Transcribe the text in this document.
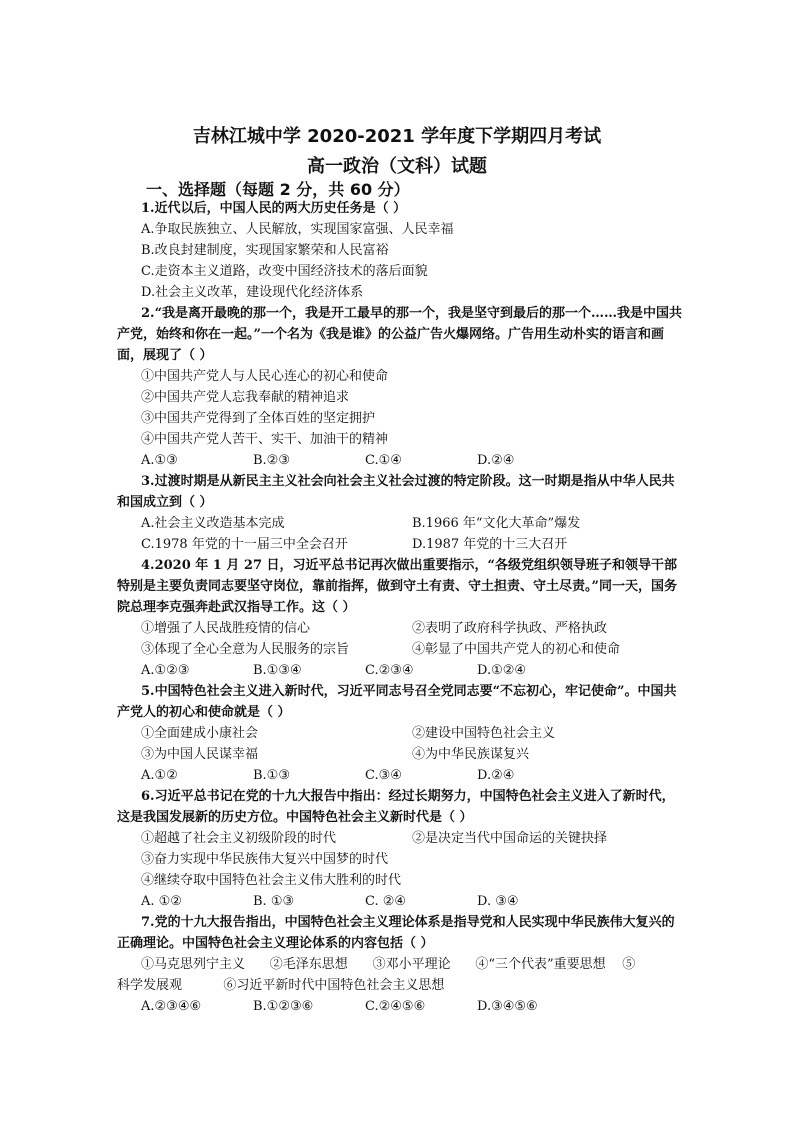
吉林江城中学 2020-2021 学年度下学期四月考试
高一政治（文科）试题
一、选择题（每题 2 分，共 60 分）
1.近代以后，中国人民的两大历史任务是（ ）
A.争取民族独立、人民解放，实现国家富强、人民幸福
B.改良封建制度，实现国家繁荣和人民富裕
C.走资本主义道路，改变中国经济技术的落后面貌
D.社会主义改革，建设现代化经济体系
2.“我是离开最晚的那一个，我是开工最早的那一个，我是坚守到最后的那一个……我是中国共产党，始终和你在一起。”一个名为《我是谁》的公益广告火爆网络。广告用生动朴实的语言和画面，展现了（ ）
①中国共产党人与人民心连心的初心和使命
②中国共产党人忘我奉献的精神追求
③中国共产党得到了全体百姓的坚定拥护
④中国共产党人苦干、实干、加油干的精神
A.①③	B.②③	C.①④	D.②④
3.过渡时期是从新民主主义社会向社会主义社会过渡的特定阶段。这一时期是指从中华人民共和国成立到（ ）
A.社会主义改造基本完成	B.1966 年“文化大革命”爆发
C.1978 年党的十一届三中全会召开	D.1987 年党的十三大召开
4.2020 年 1 月 27 日，习近平总书记再次做出重要指示，“各级党组织领导班子和领导干部特别是主要负责同志要坚守岗位，靠前指挥，做到守土有责、守土担责、守土尽责。”同一天，国务院总理李克强奔赴武汉指导工作。这（ ）
①增强了人民战胜疫情的信心	②表明了政府科学执政、严格执政
③体现了全心全意为人民服务的宗旨	④彰显了中国共产党人的初心和使命
A.①②③	B.①③④	C.②③④	D.①②④
5.中国特色社会主义进入新时代，习近平同志号召全党同志要“不忘初心，牢记使命”。中国共产党人的初心和使命就是（ ）
①全面建成小康社会	②建设中国特色社会主义
③为中国人民谋幸福	④为中华民族谋复兴
A.①②	B.①③	C.③④	D.②④
6.习近平总书记在党的十九大报告中指出：经过长期努力，中国特色社会主义进入了新时代，这是我国发展新的历史方位。中国特色社会主义新时代是（ ）
①超越了社会主义初级阶段的时代	②是决定当代中国命运的关键抉择
③奋力实现中华民族伟大复兴中国梦的时代
④继续夺取中国特色社会主义伟大胜利的时代
A. ①②	B. ①③	C. ②④	D. ③④
7.党的十九大报告指出，中国特色社会主义理论体系是指导党和人民实现中华民族伟大复兴的正确理论。中国特色社会主义理论体系的内容包括（ ）
①马克思列宁主义      ②毛泽东思想      ③邓小平理论      ④“三个代表”重要思想    ⑤
科学发展观          ⑥习近平新时代中国特色社会主义思想
A.②③④⑥	B.①②③⑥	C.②④⑤⑥	D.③④⑤⑥
